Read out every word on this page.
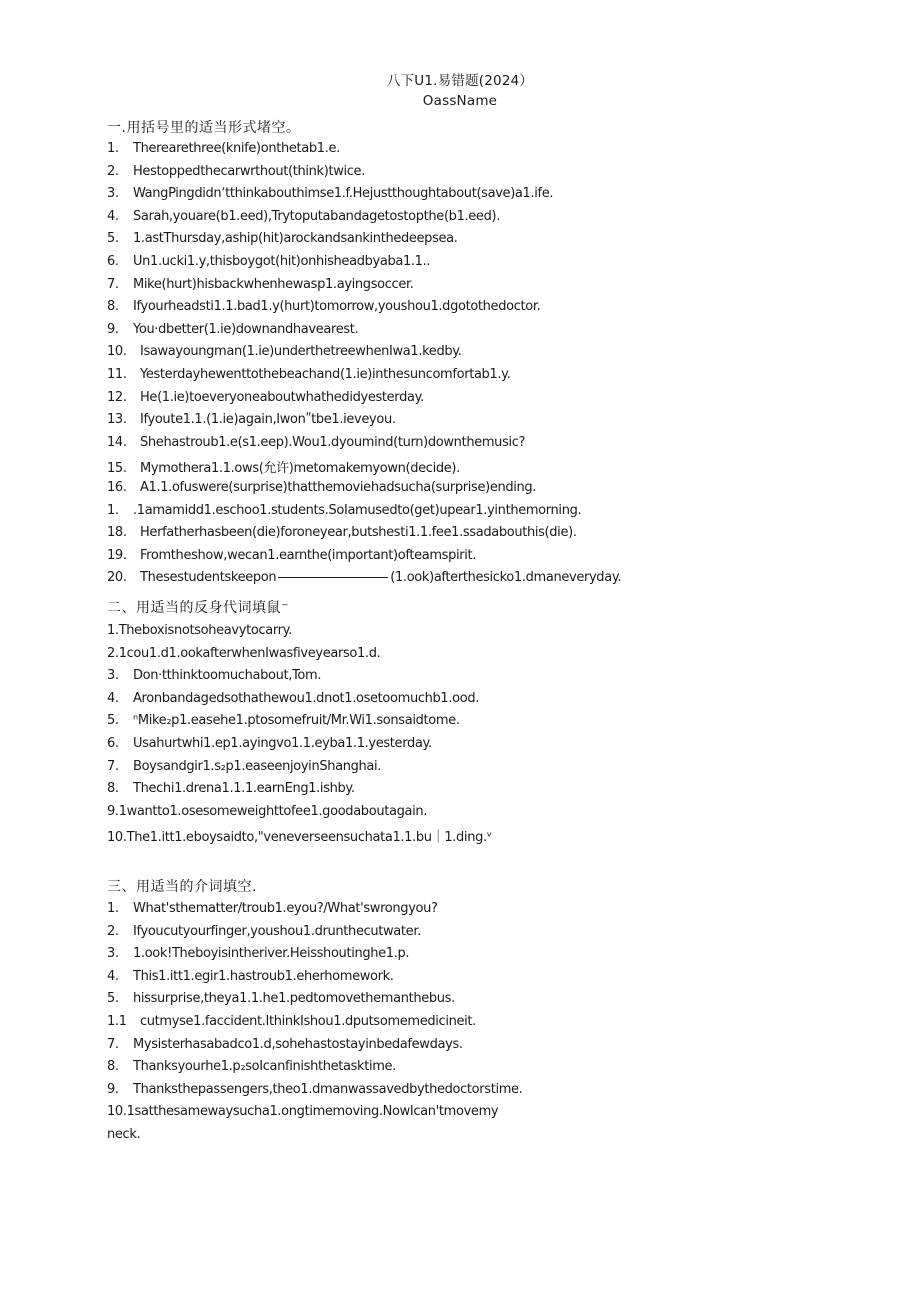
八下U1.易错题(2024）
OassName
一.用括号里的适当形式堵空。
1. Therearethree(knife)onthetab1.e.
2. Hestoppedthecarwrthout(think)twice.
3. WangPingdidnʼtthinkabouthimse1.f.Hejustthoughtabout(save)a1.ife.
4. Sarah,youare(b1.eed),Trytoputabandagetostopthe(b1.eed).
5. 1.astThursday,aship(hit)arockandsankinthedeepsea.
6. Un1.ucki1.y,thisboygot(hit)onhisheadbyaba1.1..
7. Mike(hurt)hisbackwhenhewasp1.ayingsoccer.
8. Ifyourheadsti1.1.bad1.y(hurt)tomorrow,youshou1.dgotothedoctor.
9. You·dbetter(1.ie)downandhavearest.
10. Isawayoungman(1.ie)underthetreewhenIwa1.kedby.
11. Yesterdayhewenttothebeachand(1.ie)inthesuncomfortab1.y.
12. He(1.ie)toeveryoneaboutwhathedidyesterday.
13. Ifyoute1.1.(1.ie)again,Iwonʺtbe1.ieveyou.
14. Shehastroub1.e(s1.eep).Wou1.dyoumind(turn)downthemusic?
15. Mymothera1.1.ows(允许)metomakemyown(decide).
16. A1.1.ofuswere(surprise)thatthemoviehadsucha(surprise)ending.
1. .1amamidd1.eschoo1.students.SoIamusedto(get)upear1.yinthemorning.
18. Herfatherhasbeen(die)foroneyear,butshesti1.1.fee1.ssadabouthis(die).
19. Fromtheshow,wecan1.earnthe(important)ofteamspirit.
20. Thesestudentskeepon	(1.ook)afterthesicko1.dmaneveryday.
二、用适当的反身代词填鼠⁻
1.Theboxisnotsoheavytocarry.
2.1cou1.d1.ookafterwhenIwasfiveyearso1.d.
3. Don·tthinktoomuchabout,Tom.
4. Aronbandagedsothathewou1.dnot1.osetoomuchb1.ood.
5. ⁿMike₂p1.easehe1.ptosomefruit/Mr.Wi1.sonsaidtome.
6. Usahurtwhi1.ep1.ayingvo1.1.eyba1.1.yesterday.
7. Boysandgir1.s₂p1.easeenjoyinShanghai.
8. Thechi1.drena1.1.1.earnEng1.ishby.
9.1wantto1.osesomeweighttofee1.goodaboutagain.
10.The1.itt1.eboysaidto,"veneverseensuchata1.1.bu｜1.ding.ᵛ
三、用适当的介词填空.
1. What'sthematter/troub1.eyou?/What'swrongyou?
2. Ifyoucutyourfinger,youshou1.drunthecutwater.
3. 1.ook!Theboyisintheriver.Heisshoutinghe1.p.
4. This1.itt1.egir1.hastroub1.eherhomework.
5. hissurprise,theya1.1.he1.pedtomovethemanthebus.
1.1 cutmyse1.faccident.IthinkIshou1.dputsomemedicineit.
7. Mysisterhasabadco1.d,sohehastostayinbedafewdays.
8. Thanksyourhe1.p₂soIcanfinishthetasktime.
9. Thanksthepassengers,theo1.dmanwassavedbythedoctorstime.
10.1satthesamewaysucha1.ongtimemoving.NowIcan'tmovemy
neck.
